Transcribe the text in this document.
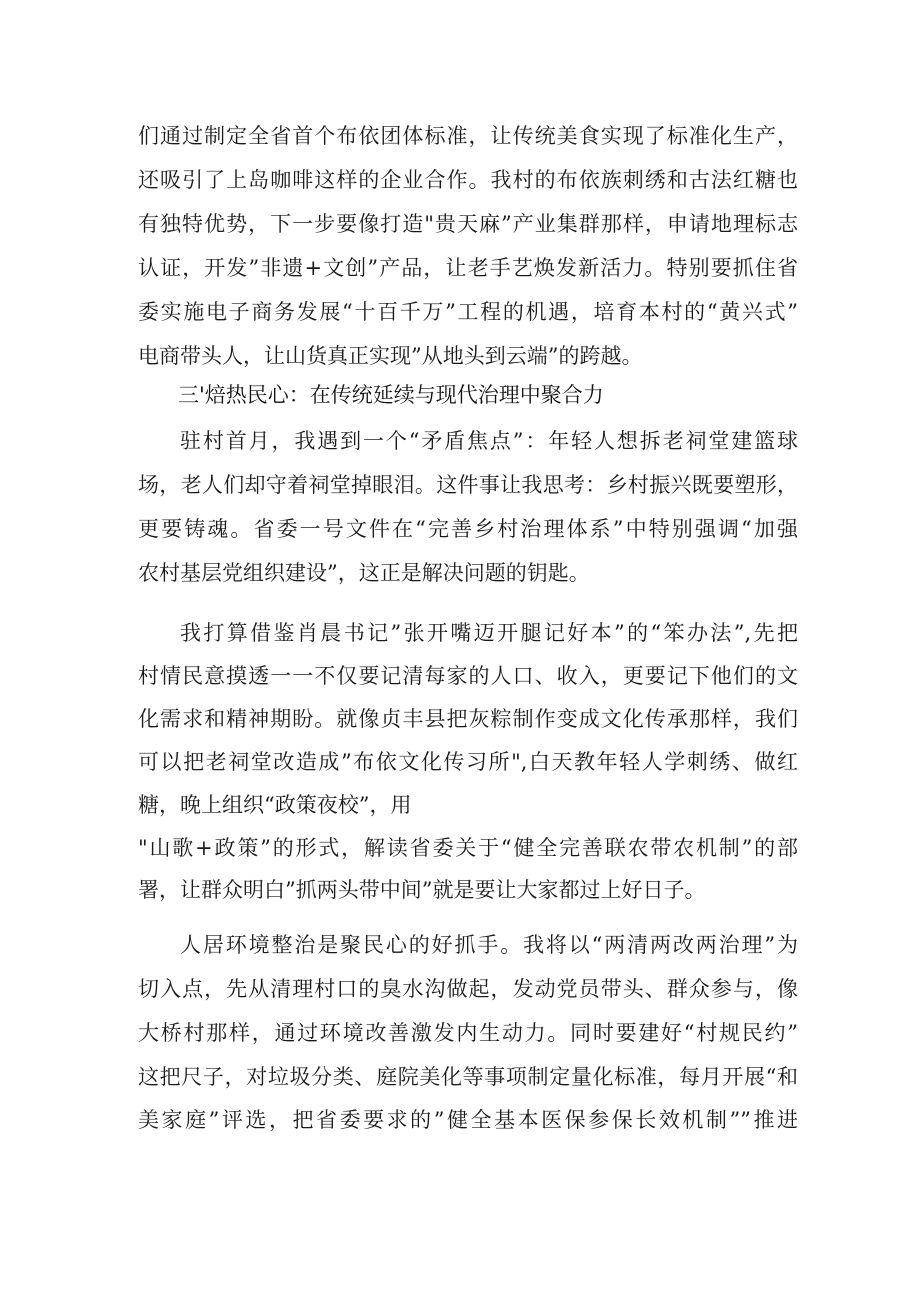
们通过制定全省首个布依团体标准，让传统美食实现了标准化生产，
还吸引了上岛咖啡这样的企业合作。我村的布依族刺绣和古法红糖也
有独特优势，下一步要像打造"贵天麻”产业集群那样，申请地理标志
认证，开发”非遗+文创”产品，让老手艺焕发新活力。特别要抓住省
委实施电子商务发展“十百千万”工程的机遇，培育本村的“黄兴式”
电商带头人，让山货真正实现”从地头到云端”的跨越。
三'焙热民心：在传统延续与现代治理中聚合力
驻村首月，我遇到一个“矛盾焦点”：年轻人想拆老祠堂建篮球
场，老人们却守着祠堂掉眼泪。这件事让我思考：乡村振兴既要塑形，
更要铸魂。省委一号文件在“完善乡村治理体系”中特别强调“加强
农村基层党组织建设”，这正是解决问题的钥匙。
我打算借鉴肖晨书记”张开嘴迈开腿记好本”的“笨办法”,先把
村情民意摸透一一不仅要记清每家的人口、收入，更要记下他们的文
化需求和精神期盼。就像贞丰县把灰粽制作变成文化传承那样，我们
可以把老祠堂改造成”布依文化传习所",白天教年轻人学刺绣、做红
糖，晚上组织“政策夜校”，用
"山歌+政策”的形式，解读省委关于“健全完善联农带农机制”的部
署，让群众明白”抓两头带中间”就是要让大家都过上好日子。
人居环境整治是聚民心的好抓手。我将以“两清两改两治理”为
切入点，先从清理村口的臭水沟做起，发动党员带头、群众参与，像
大桥村那样，通过环境改善激发内生动力。同时要建好“村规民约”
这把尺子，对垃圾分类、庭院美化等事项制定量化标准，每月开展“和
美家庭”评选，把省委要求的”健全基本医保参保长效机制””推进
